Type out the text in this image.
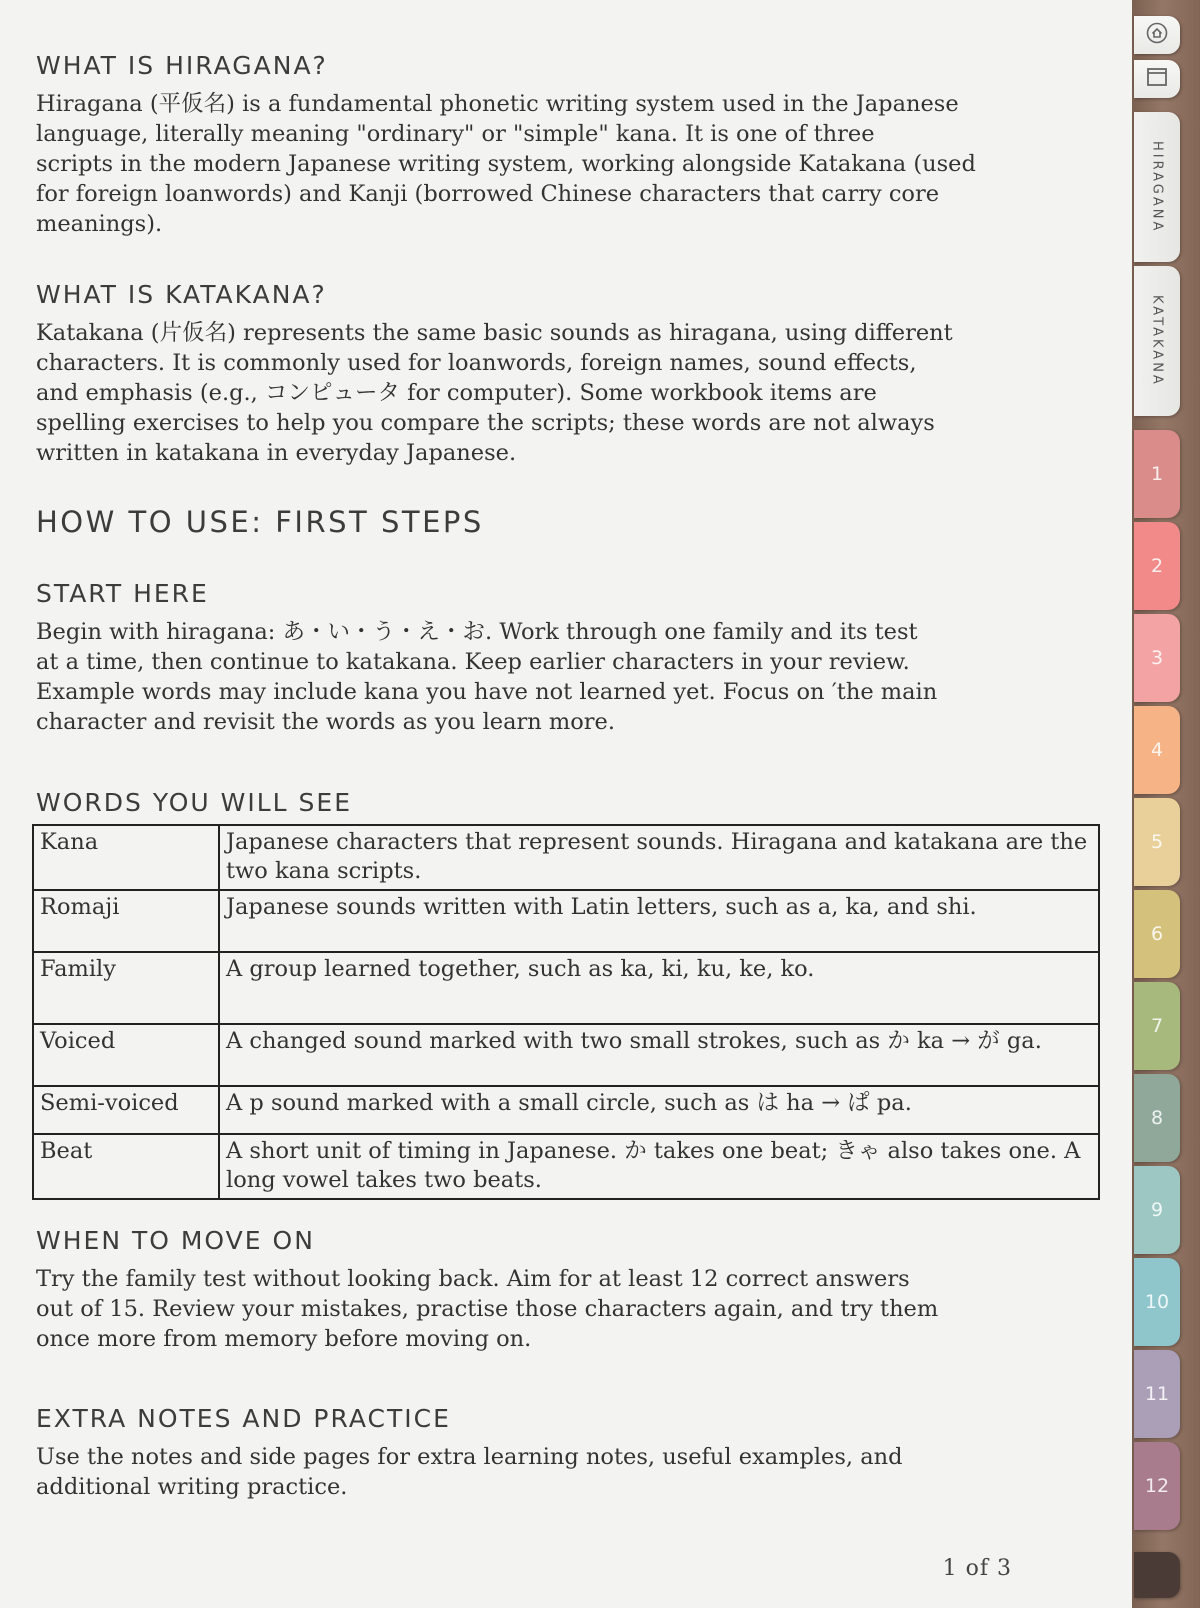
WHAT IS HIRAGANA?

Hiragana (平仮名) is a fundamental phonetic writing system used in the Japanese
language, literally meaning "ordinary" or "simple" kana. It is one of three
scripts in the modern Japanese writing system, working alongside Katakana (used
for foreign loanwords) and Kanji (borrowed Chinese characters that carry core
meanings).

WHAT IS KATAKANA?

Katakana (片仮名) represents the same basic sounds as hiragana, using different
characters. It is commonly used for loanwords, foreign names, sound effects,
and emphasis (e.g., コンピュータ for computer). Some workbook items are
spelling exercises to help you compare the scripts; these words are not always
written in katakana in everyday Japanese.

HOW TO USE: FIRST STEPS
START HERE

Begin with hiragana: あ・い・う・え・お. Work through one family and its test
at a time, then continue to katakana. Keep earlier characters in your review.
Example words may include kana you have not learned yet. Focus on ′the main
character and revisit the words as you learn more.

WORDS YOU WILL SEE
Kana	Japanese characters that represent sounds. Hiragana and katakana are the two kana scripts.
Romaji	Japanese sounds written with Latin letters, such as a, ka, and shi.
Family	A group learned together, such as ka, ki, ku, ke, ko.
Voiced	A changed sound marked with two small strokes, such as か ka → が ga.
Semi-voiced	A p sound marked with a small circle, such as は ha → ぱ pa.
Beat	A short unit of timing in Japanese. か takes one beat; きゃ also takes one. A long vowel takes two beats.
WHEN TO MOVE ON

Try the family test without looking back. Aim for at least 12 correct answers
out of 15. Review your mistakes, practise those characters again, and try them
once more from memory before moving on.

EXTRA NOTES AND PRACTICE

Use the notes and side pages for extra learning notes, useful examples, and
additional writing practice.

1 of 3
HIRAGANA
KATAKANA
1
2
3
4
5
6
7
8
9
10
11
12
